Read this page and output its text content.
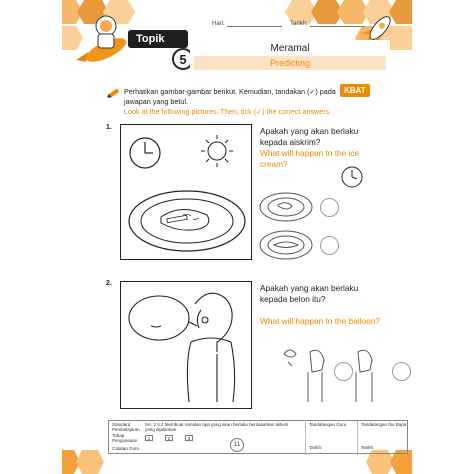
Hari:	Tarikh:
Topik
5
Meramal
Predicting
Perhatikan gambar-gambar berikut. Kemudian, tandakan (✓) pada jawapan yang betul.
Look at the following pictures. Then, tick (✓) the correct answers.
KBAT
1.	Apakah yang akan berlaku kepada aiskrim?
What will happen to the ice cream?
2.	Apakah yang akan berlaku kepada belon itu?
What will happen to the balloon?
Standard Pembelajaran
SA. 2.5.2 Membuat ramalan apa yang akan berlaku berdasarkan aktiviti yang dijalankan
Tahap Penguasaan	1	2	3
Catatan Guru
Tandatangan Guru	Tandatangan Ibu Bapa
Tarikh:	Tarikh:
11
